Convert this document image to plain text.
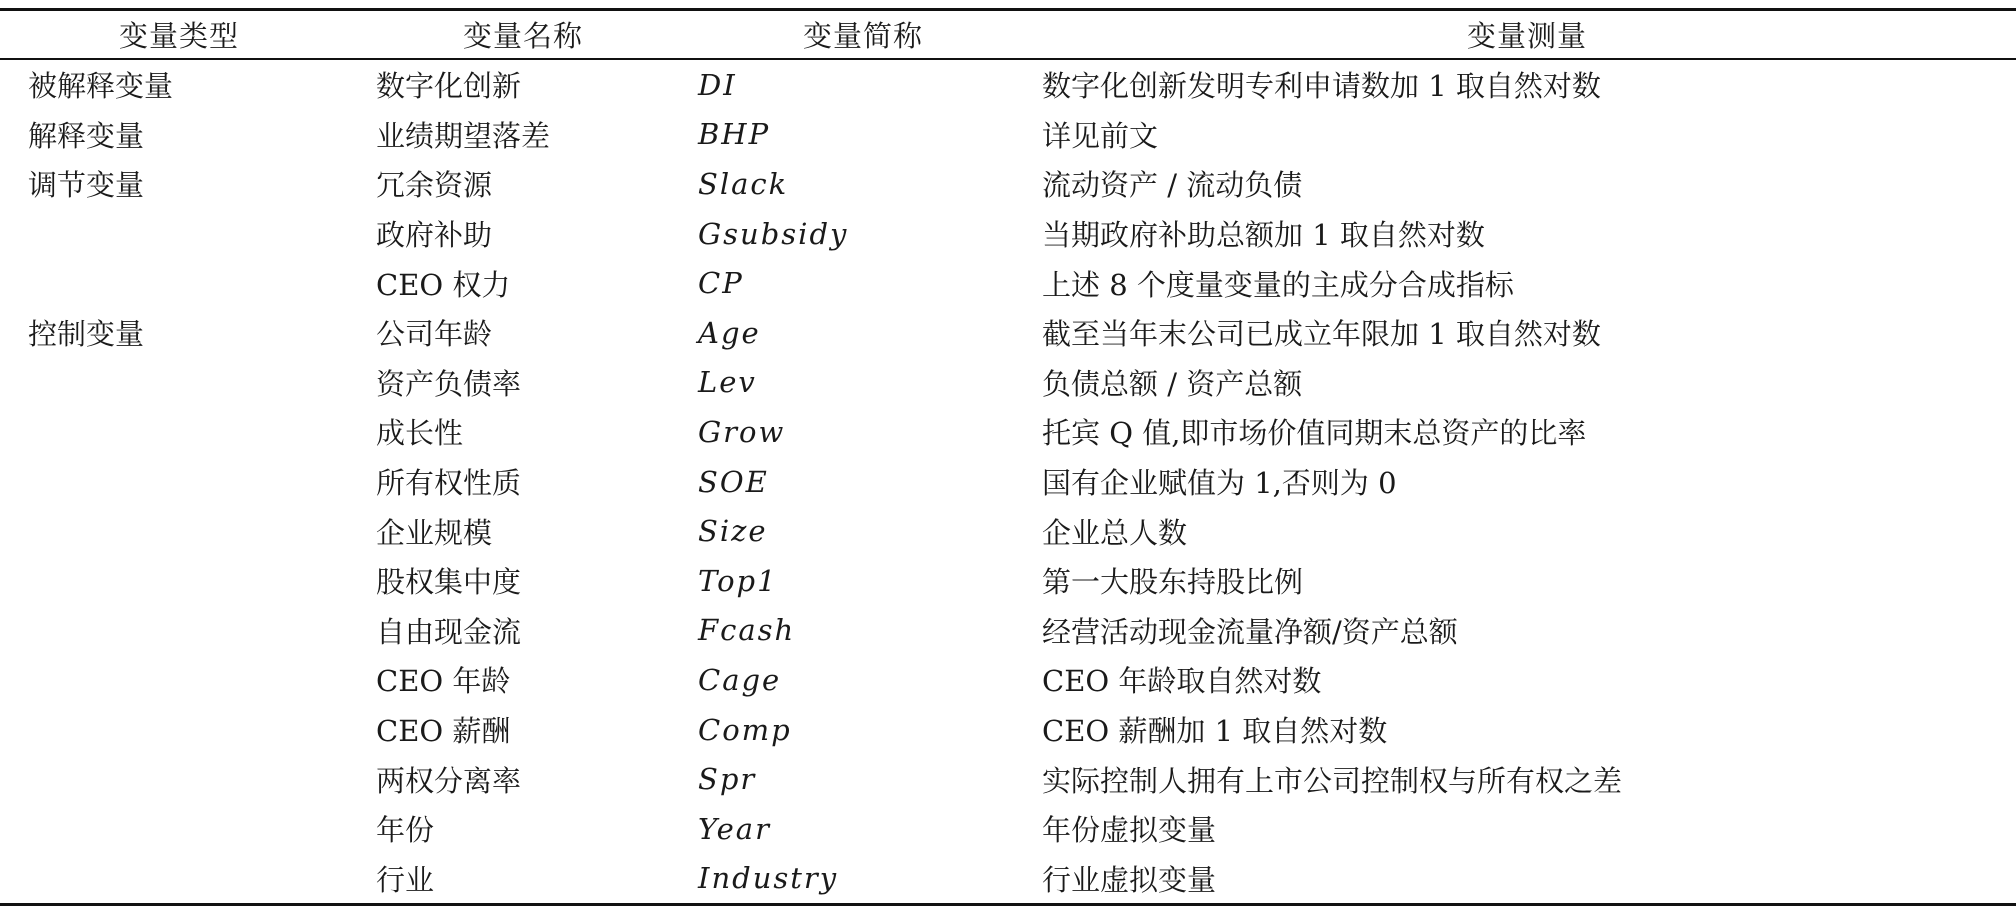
变量类型	变量名称	变量简称	变量测量
被解释变量	数字化创新	DI	数字化创新发明专利申请数加 1 取自然对数
解释变量	业绩期望落差	BHP	详见前文
调节变量	冗余资源	Slack	流动资产 / 流动负债
	政府补助	Gsubsidy	当期政府补助总额加 1 取自然对数
	CEO 权力	CP	上述 8 个度量变量的主成分合成指标
控制变量	公司年龄	Age	截至当年末公司已成立年限加 1 取自然对数
	资产负债率	Lev	负债总额 / 资产总额
	成长性	Grow	托宾 Q 值,即市场价值同期末总资产的比率
	所有权性质	SOE	国有企业赋值为 1,否则为 0
	企业规模	Size	企业总人数
	股权集中度	Top1	第一大股东持股比例
	自由现金流	Fcash	经营活动现金流量净额/资产总额
	CEO 年龄	Cage	CEO 年龄取自然对数
	CEO 薪酬	Comp	CEO 薪酬加 1 取自然对数
	两权分离率	Spr	实际控制人拥有上市公司控制权与所有权之差
	年份	Year	年份虚拟变量
	行业	Industry	行业虚拟变量
